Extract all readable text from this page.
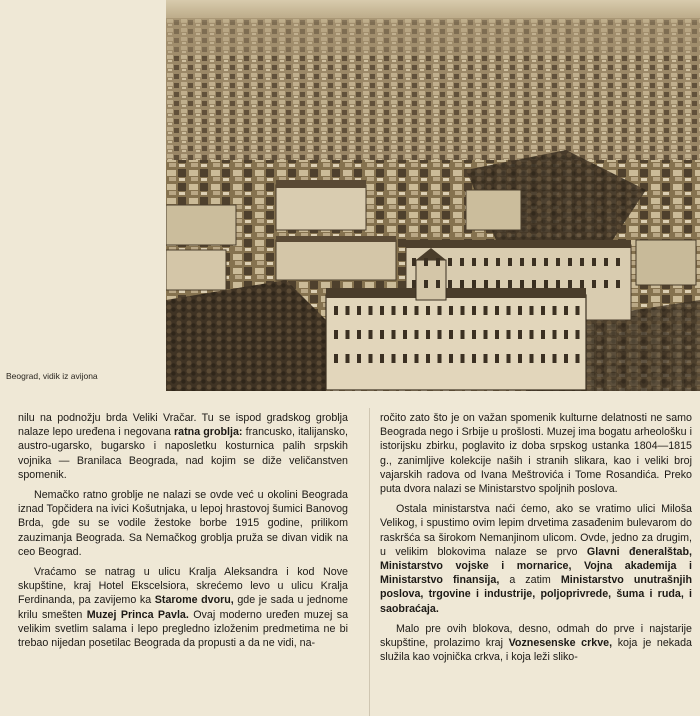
Beograd, vidik iz avijona

nilu na podnožju brda Veliki Vračar. Tu se ispod gradskog groblja nalaze lepo uređena i negovana ratna groblja: francusko, italijansko, austro-ugarsko, bugarsko i naposletku kosturnica palih srpskih vojnika — Branilaca Beograda, nad kojim se diže veličanstven spomenik.

Nemačko ratno groblje ne nalazi se ovde već u okolini Beograda iznad Topčidera na ivici Košutnjaka, u lepoj hrastovoj šumici Banovog Brda, gde su se vodile žestoke borbe 1915 godine, prilikom zauzimanja Beograda. Sa Nemačkog groblja pruža se divan vidik na ceo Beograd.

Vraćamo se natrag u ulicu Kralja Aleksandra i kod Nove skupštine, kraj Hotel Ekscelsiora, skrećemo levo u ulicu Kralja Ferdinanda, pa zavijemo ka Starome dvoru, gde je sada u jednome krilu smešten Muzej Princa Pavla. Ovaj moderno uređen muzej sa velikim svetlim salama i lepo pregledno izloženim predmetima ne bi trebao nijedan posetilac Beograda da propusti a da ne vidi, na-

ročito zato što je on važan spomenik kulturne delatnosti ne samo Beograda nego i Srbije u prošlosti. Muzej ima bogatu arheološku i istorijsku zbirku, poglavito iz doba srpskog ustanka 1804—1815 g., zanimljive kolekcije naših i stranih slikara, kao i veliki broj vajarskih radova od Ivana Meštrovića i Tome Rosandića. Preko puta dvora nalazi se Ministarstvo spoljnih poslova.

Ostala ministarstva naći ćemo, ako se vratimo ulici Miloša Velikog, i spustimo ovim lepim drvetima zasađenim bulevarom do raskršća sa širokom Nemanjinom ulicom. Ovde, jedno za drugim, u velikim blokovima nalaze se prvo Glavni đeneralštab, Ministarstvo vojske i mornarice, Vojna akademija i Ministarstvo finansija, a zatim Ministarstvo unutrašnjih poslova, trgovine i industrije, poljoprivrede, šuma i ruda, i saobraćaja.

Malo pre ovih blokova, desno, odmah do prve i najstarije skupštine, prolazimo kraj Voznesenske crkve, koja je nekada služila kao vojnička crkva, i koja leži sliko-
